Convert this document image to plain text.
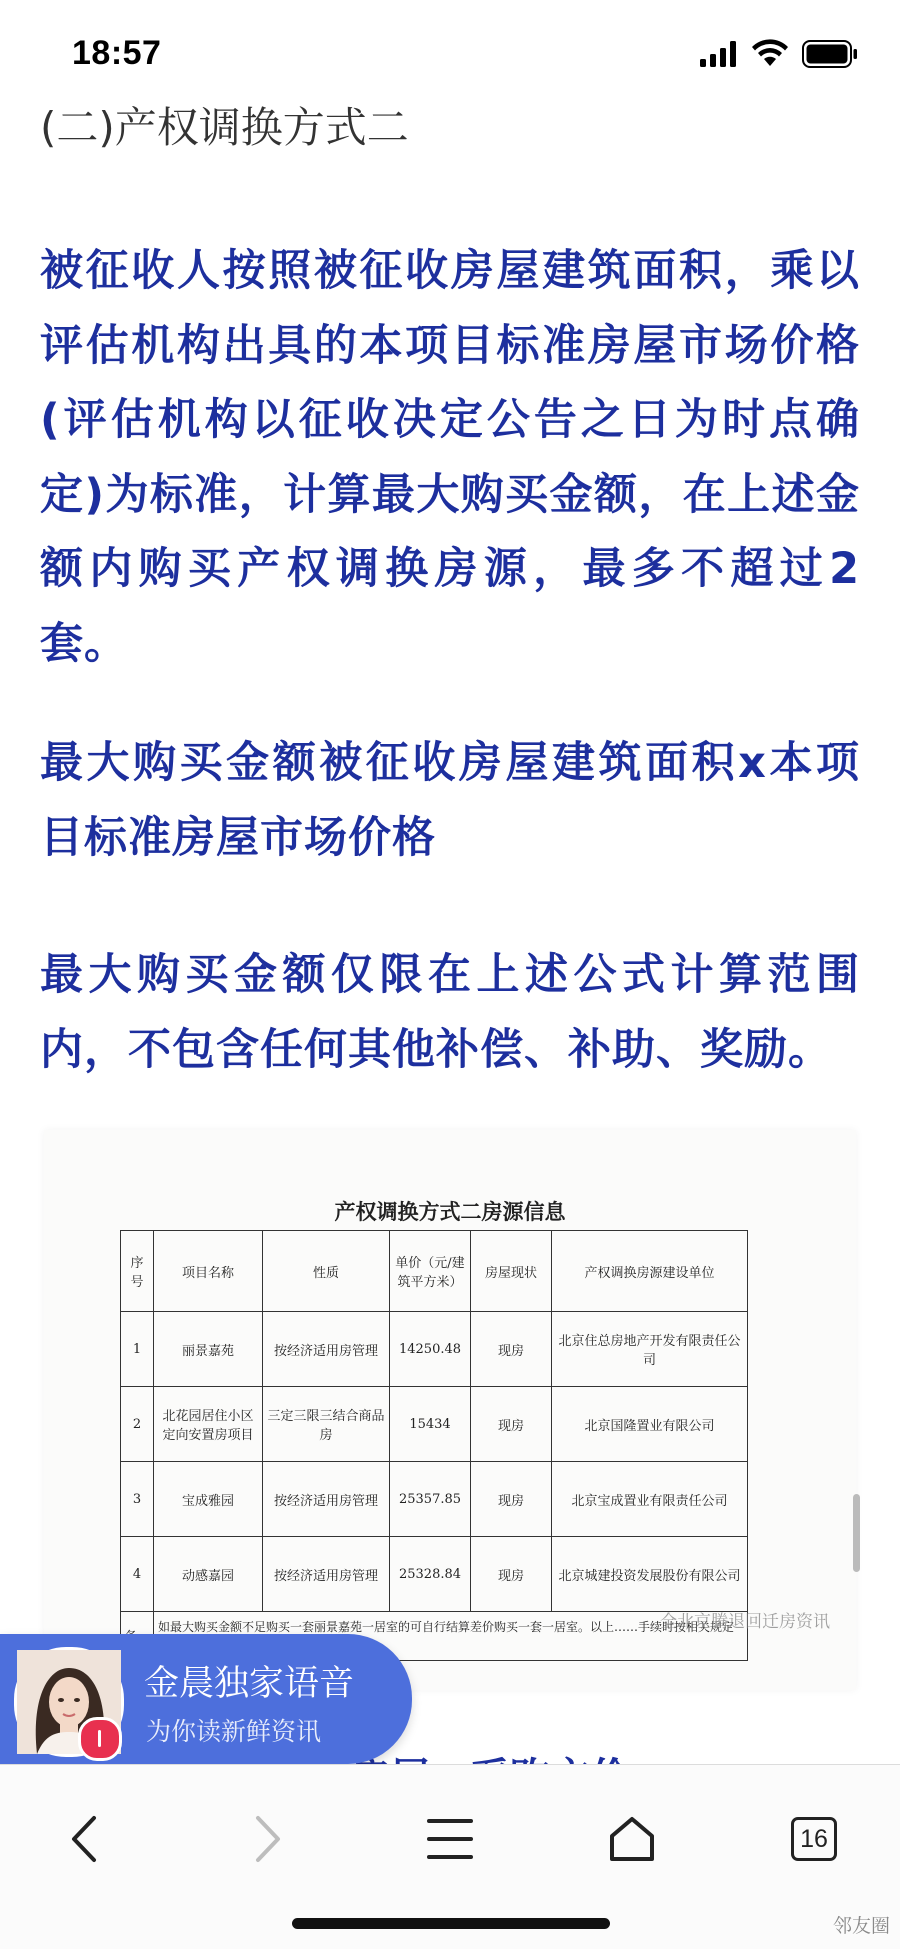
18:57
(二)产权调换方式二

被征收人按照被征收房屋建筑面积，乘以评估机构出具的本项目标准房屋市场价格(评估机构以征收决定公告之日为时点确定)为标准，计算最大购买金额，在上述金额内购买产权调换房源，最多不超过2套。

最大购买金额被征收房屋建筑面积x本项目标准房屋市场价格

最大购买金额仅限在上述公式计算范围内，不包含任何其他补偿、补助、奖励。

产权调换方式二房源信息
序号	项目名称	性质	单价（元/建筑平方米）	房屋现状	产权调换房源建设单位
1	丽景嘉苑	按经济适用房管理	14250.48	现房	北京住总房地产开发有限责任公司
2	北花园居住小区定向安置房项目	三定三限三结合商品房	15434	现房	北京国隆置业有限公司
3	宝成雅园	按经济适用房管理	25357.85	现房	北京宝成置业有限责任公司
4	动感嘉园	按经济适用房管理	25328.84	现房	北京城建投资发展股份有限公司
	如最大购买金额不足购买一套丽景嘉苑一居室的可自行结算差价购买一套一居室。以上……手续时按相关规定				
全北京腾退回迁房资讯
金晨独家语音
为你读新鲜资讯
16
邻友圈
